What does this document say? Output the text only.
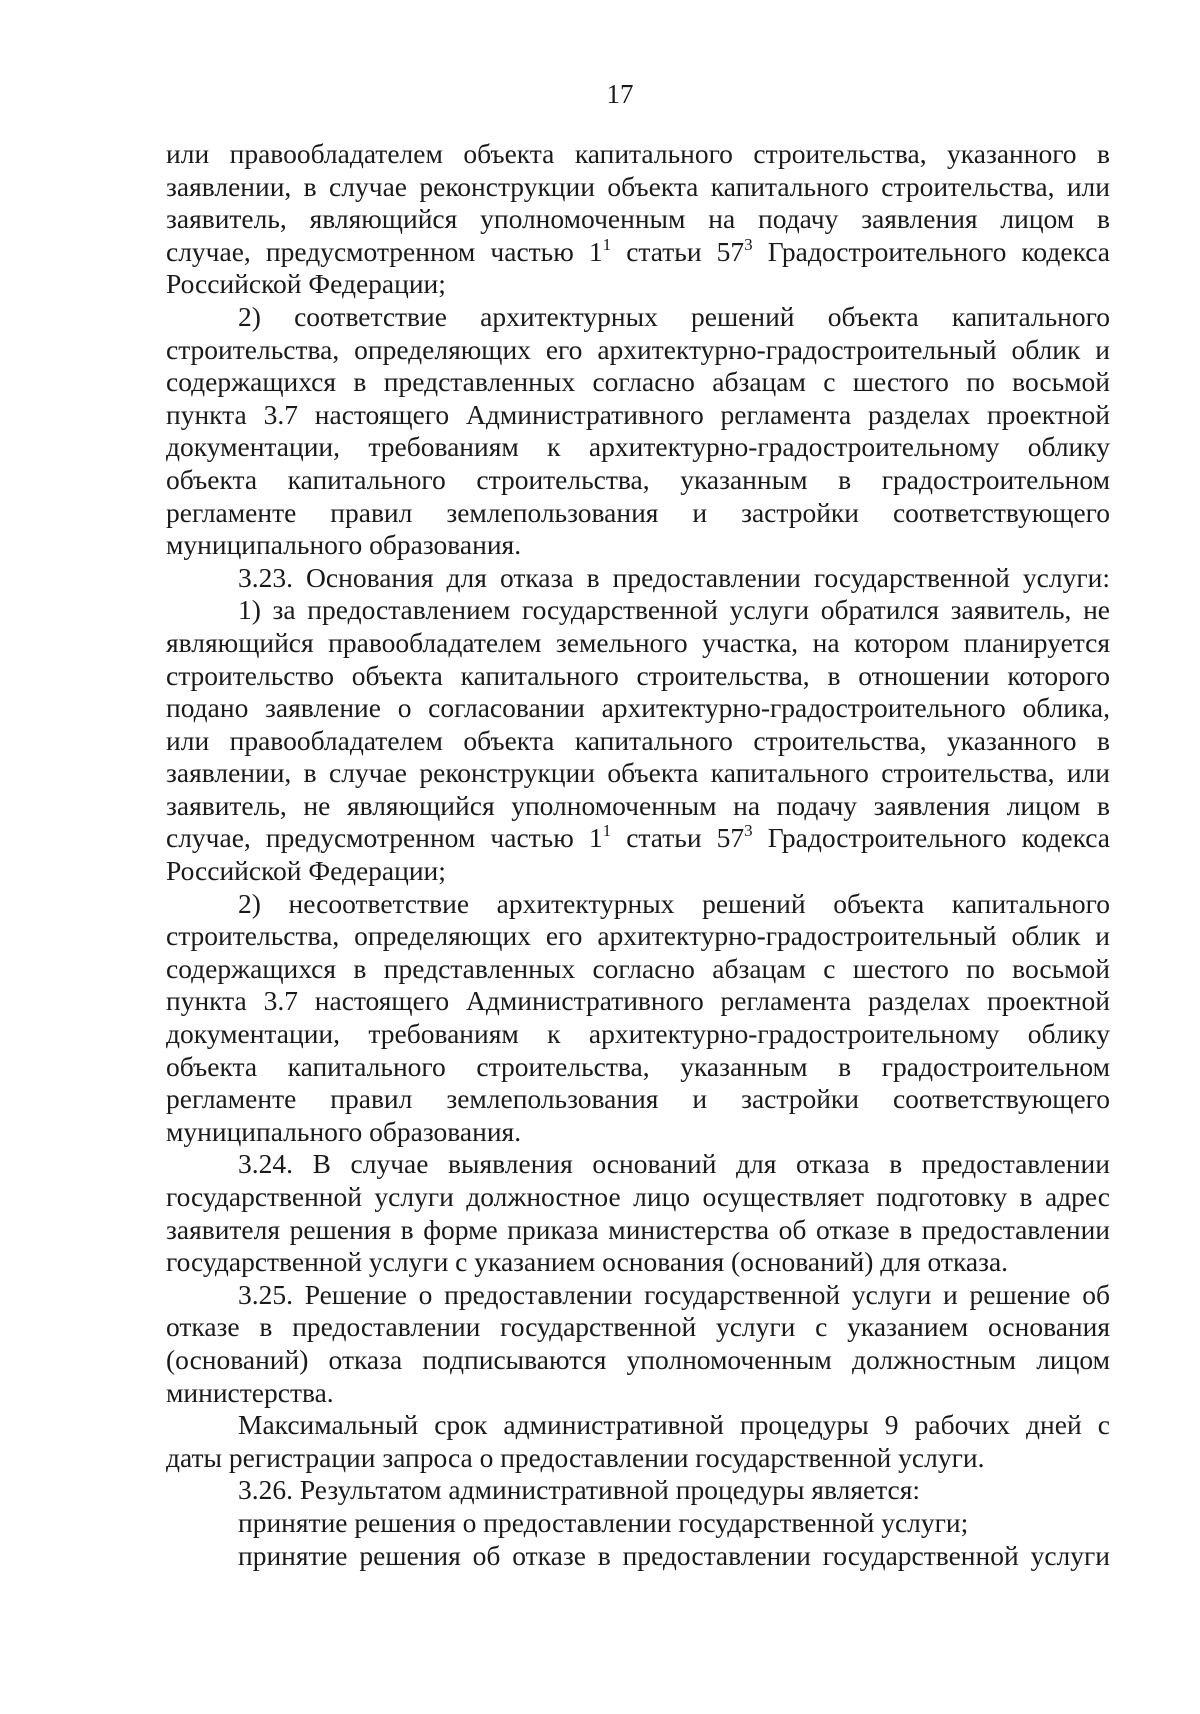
17
или правообладателем объекта капитального строительства, указанного в
заявлении, в случае реконструкции объекта капитального строительства, или
заявитель, являющийся уполномоченным на подачу заявления лицом в
случае, предусмотренном частью $1^1$ статьи $57^3$ Градостроительного кодекса
Российской Федерации;
2) соответствие архитектурных решений объекта капитального
строительства, определяющих его архитектурно-градостроительный облик и
содержащихся в представленных согласно абзацам с шестого по восьмой
пункта 3.7 настоящего Административного регламента разделах проектной
документации, требованиям к архитектурно-градостроительному облику
объекта капитального строительства, указанным в градостроительном
регламенте правил землепользования и застройки соответствующего
муниципального образования.
3.23. Основания для отказа в предоставлении государственной услуги:
1) за предоставлением государственной услуги обратился заявитель, не
являющийся правообладателем земельного участка, на котором планируется
строительство объекта капитального строительства, в отношении которого
подано заявление о согласовании архитектурно-градостроительного облика,
или правообладателем объекта капитального строительства, указанного в
заявлении, в случае реконструкции объекта капитального строительства, или
заявитель, не являющийся уполномоченным на подачу заявления лицом в
случае, предусмотренном частью $1^1$ статьи $57^3$ Градостроительного кодекса
Российской Федерации;
2) несоответствие архитектурных решений объекта капитального
строительства, определяющих его архитектурно-градостроительный облик и
содержащихся в представленных согласно абзацам с шестого по восьмой
пункта 3.7 настоящего Административного регламента разделах проектной
документации, требованиям к архитектурно-градостроительному облику
объекта капитального строительства, указанным в градостроительном
регламенте правил землепользования и застройки соответствующего
муниципального образования.
3.24. В случае выявления оснований для отказа в предоставлении
государственной услуги должностное лицо осуществляет подготовку в адрес
заявителя решения в форме приказа министерства об отказе в предоставлении
государственной услуги с указанием основания (оснований) для отказа.
3.25. Решение о предоставлении государственной услуги и решение об
отказе в предоставлении государственной услуги с указанием основания
(оснований) отказа подписываются уполномоченным должностным лицом
министерства.
Максимальный срок административной процедуры 9 рабочих дней с
даты регистрации запроса о предоставлении государственной услуги.
3.26. Результатом административной процедуры является:
принятие решения о предоставлении государственной услуги;
принятие решения об отказе в предоставлении государственной услуги
